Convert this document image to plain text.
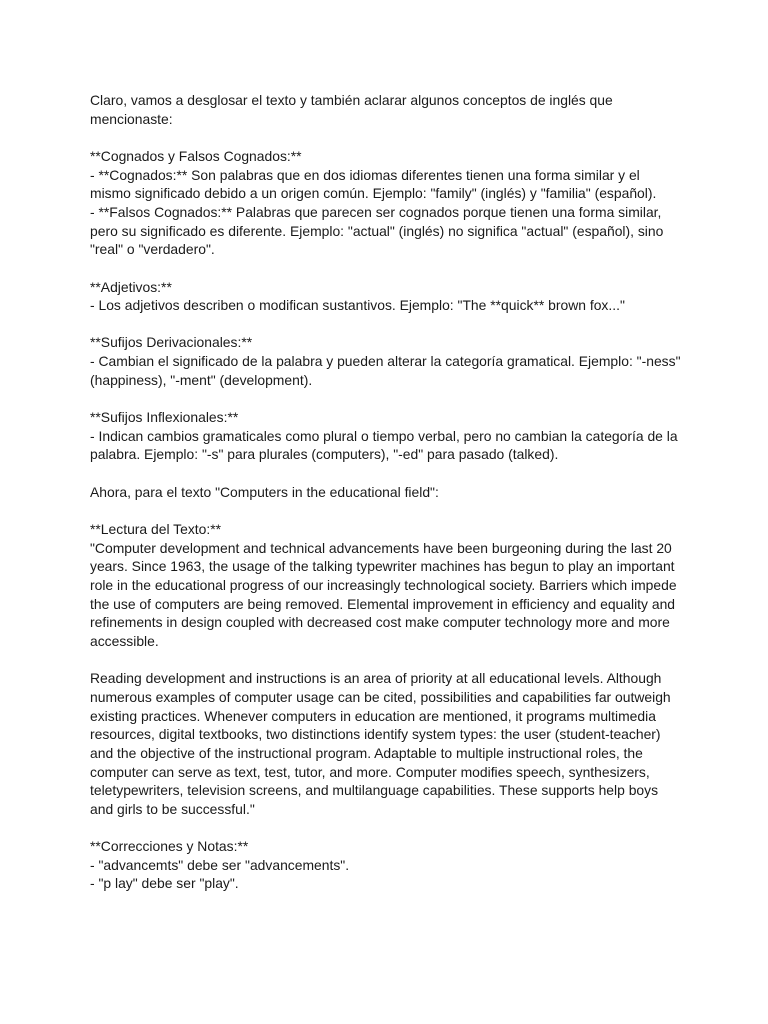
Claro, vamos a desglosar el texto y también aclarar algunos conceptos de inglés que
mencionaste:

**Cognados y Falsos Cognados:**
- **Cognados:** Son palabras que en dos idiomas diferentes tienen una forma similar y el
mismo significado debido a un origen común. Ejemplo: "family" (inglés) y "familia" (español).
- **Falsos Cognados:** Palabras que parecen ser cognados porque tienen una forma similar,
pero su significado es diferente. Ejemplo: "actual" (inglés) no significa "actual" (español), sino
"real" o "verdadero".

**Adjetivos:**
- Los adjetivos describen o modifican sustantivos. Ejemplo: "The **quick** brown fox..."

**Sufijos Derivacionales:**
- Cambian el significado de la palabra y pueden alterar la categoría gramatical. Ejemplo: "-ness"
(happiness), "-ment" (development).

**Sufijos Inflexionales:**
- Indican cambios gramaticales como plural o tiempo verbal, pero no cambian la categoría de la
palabra. Ejemplo: "-s" para plurales (computers), "-ed" para pasado (talked).

Ahora, para el texto "Computers in the educational field":

**Lectura del Texto:**
"Computer development and technical advancements have been burgeoning during the last 20
years. Since 1963, the usage of the talking typewriter machines has begun to play an important
role in the educational progress of our increasingly technological society. Barriers which impede
the use of computers are being removed. Elemental improvement in efficiency and equality and
refinements in design coupled with decreased cost make computer technology more and more
accessible.

Reading development and instructions is an area of priority at all educational levels. Although
numerous examples of computer usage can be cited, possibilities and capabilities far outweigh
existing practices. Whenever computers in education are mentioned, it programs multimedia
resources, digital textbooks, two distinctions identify system types: the user (student-teacher)
and the objective of the instructional program. Adaptable to multiple instructional roles, the
computer can serve as text, test, tutor, and more. Computer modifies speech, synthesizers,
teletypewriters, television screens, and multilanguage capabilities. These supports help boys
and girls to be successful."

**Correcciones y Notas:**
- "advancemts" debe ser "advancements".
- "p lay" debe ser "play".
